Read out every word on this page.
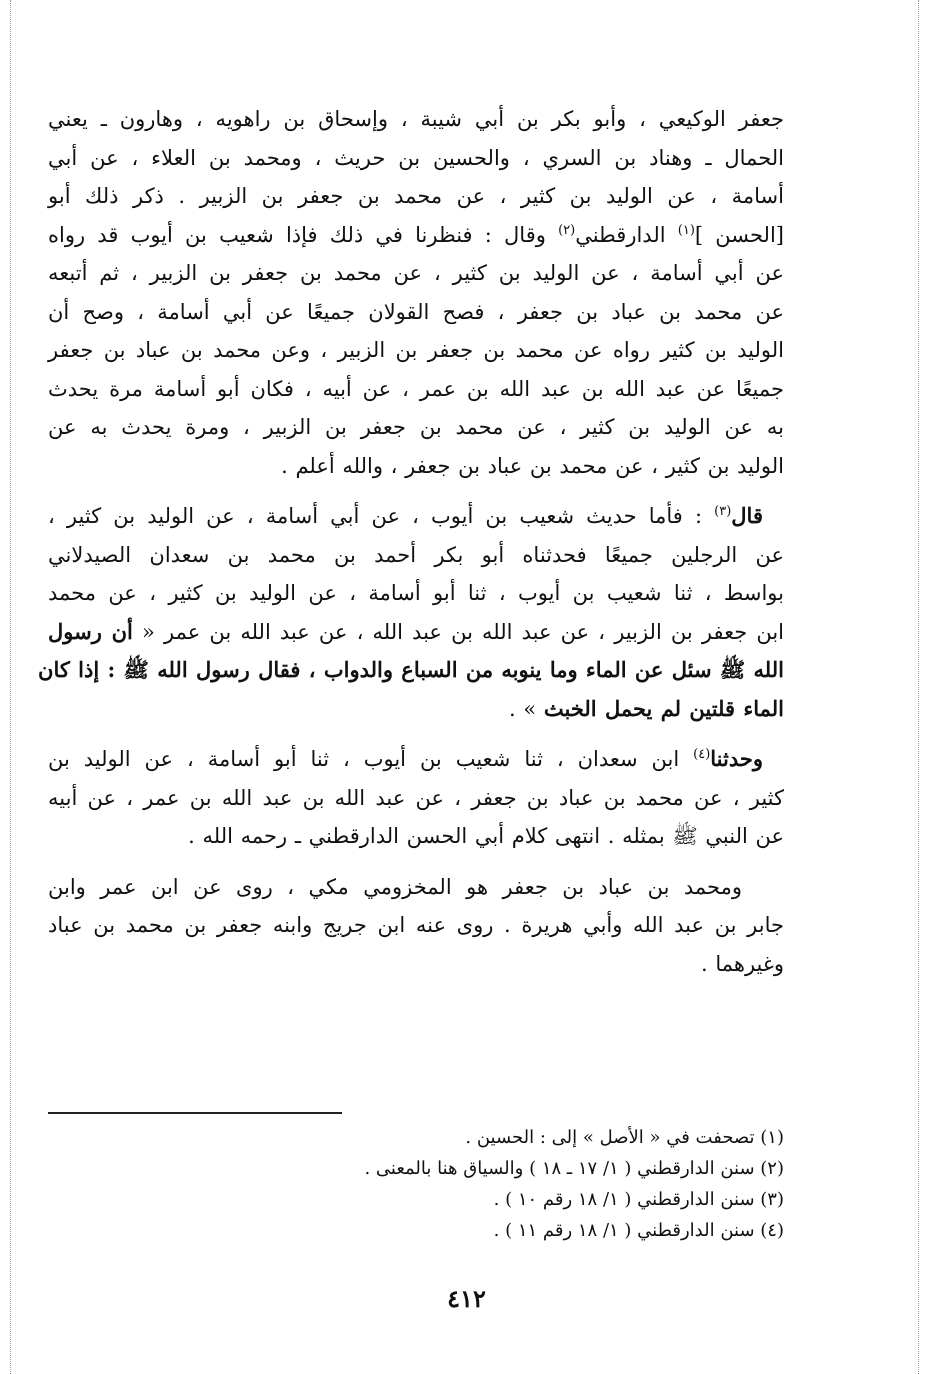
جعفر الوكيعي ، وأبو بكر بن أبي شيبة ، وإسحاق بن راهويه ، وهارون ـ يعني
الحمال ـ وهناد بن السري ، والحسين بن حريث ، ومحمد بن العلاء ، عن أبي
أسامة ، عن الوليد بن كثير ، عن محمد بن جعفر بن الزبير . ذكر ذلك أبو
[الحسن ]$^{(١)}$ الدارقطني$^{(٢)}$ وقال : فنظرنا في ذلك فإذا شعيب بن أيوب قد رواه
عن أبي أسامة ، عن الوليد بن كثير ، عن محمد بن جعفر بن الزبير ، ثم أتبعه
عن محمد بن عباد بن جعفر ، فصح القولان جميعًا عن أبي أسامة ، وصح أن
الوليد بن كثير رواه عن محمد بن جعفر بن الزبير ، وعن محمد بن عباد بن جعفر
جميعًا عن عبد الله بن عبد الله بن عمر ، عن أبيه ، فكان أبو أسامة مرة يحدث
به عن الوليد بن كثير ، عن محمد بن جعفر بن الزبير ، ومرة يحدث به عن
الوليد بن كثير ، عن محمد بن عباد بن جعفر ، والله أعلم .

 قال$^{(٣)}$ : فأما حديث شعيب بن أيوب ، عن أبي أسامة ، عن الوليد بن كثير ،
عن الرجلين جميعًا فحدثناه أبو بكر أحمد بن محمد بن سعدان الصيدلاني
بواسط ، ثنا شعيب بن أيوب ، ثنا أبو أسامة ، عن الوليد بن كثير ، عن محمد
ابن جعفر بن الزبير ، عن عبد الله بن عبد الله ، عن عبد الله بن عمر « أن رسول
الله ﷺ سئل عن الماء وما ينوبه من السباع والدواب ، فقال رسول الله ﷺ : إذا كان
الماء قلتين لم يحمل الخبث » .

 وحدثنا$^{(٤)}$ ابن سعدان ، ثنا شعيب بن أيوب ، ثنا أبو أسامة ، عن الوليد بن
كثير ، عن محمد بن عباد بن جعفر ، عن عبد الله بن عبد الله بن عمر ، عن أبيه
عن النبي ﷺ بمثله . انتهى كلام أبي الحسن الدارقطني ـ رحمه الله .

  ومحمد بن عباد بن جعفر هو المخزومي مكي ، روى عن ابن عمر وابن
جابر بن عبد الله وأبي هريرة . روى عنه ابن جريج وابنه جعفر بن محمد بن عباد
وغيرهما .

(١) تصحفت في « الأصل » إلى : الحسين .
(٢) سنن الدارقطني ( ١/ ١٧ ـ ١٨ ) والسياق هنا بالمعنى .
(٣) سنن الدارقطني ( ١/ ١٨ رقم ١٠ ) .
(٤) سنن الدارقطني ( ١/ ١٨ رقم ١١ ) .
٤١٢
